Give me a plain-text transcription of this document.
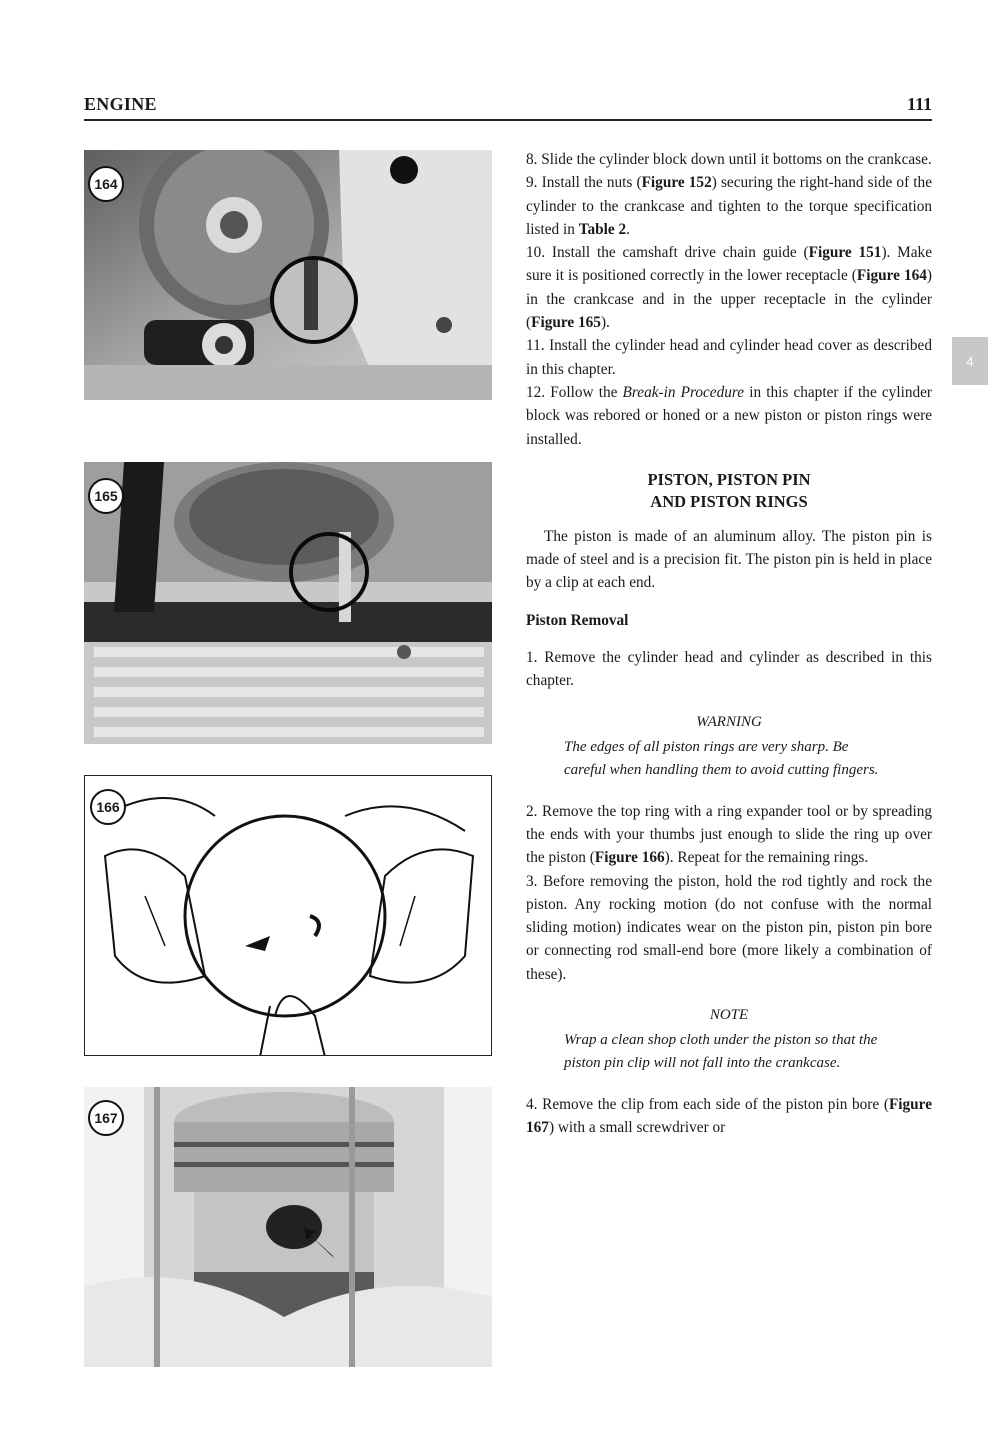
ENGINE	111
4
164
165
166
167

8. Slide the cylinder block down until it bottoms on the crankcase.

9. Install the nuts (Figure 152) securing the right-hand side of the cylinder to the crankcase and tighten to the torque specification listed in Table 2.

10. Install the camshaft drive chain guide (Figure 151). Make sure it is positioned correctly in the lower receptacle (Figure 164) in the crankcase and in the upper receptacle in the cylinder (Figure 165).

11. Install the cylinder head and cylinder head cover as described in this chapter.

12. Follow the Break-in Procedure in this chapter if the cylinder block was rebored or honed or a new piston or piston rings were installed.

PISTON, PISTON PIN
AND PISTON RINGS

The piston is made of an aluminum alloy. The piston pin is made of steel and is a precision fit. The piston pin is held in place by a clip at each end.

Piston Removal

1. Remove the cylinder head and cylinder as described in this chapter.

WARNING
The edges of all piston rings are very sharp. Be careful when handling them to avoid cutting fingers.

2. Remove the top ring with a ring expander tool or by spreading the ends with your thumbs just enough to slide the ring up over the piston (Figure 166). Repeat for the remaining rings.

3. Before removing the piston, hold the rod tightly and rock the piston. Any rocking motion (do not confuse with the normal sliding motion) indicates wear on the piston pin, piston pin bore or connecting rod small-end bore (more likely a combination of these).

NOTE
Wrap a clean shop cloth under the piston so that the piston pin clip will not fall into the crankcase.

4. Remove the clip from each side of the piston pin bore (Figure 167) with a small screwdriver or
